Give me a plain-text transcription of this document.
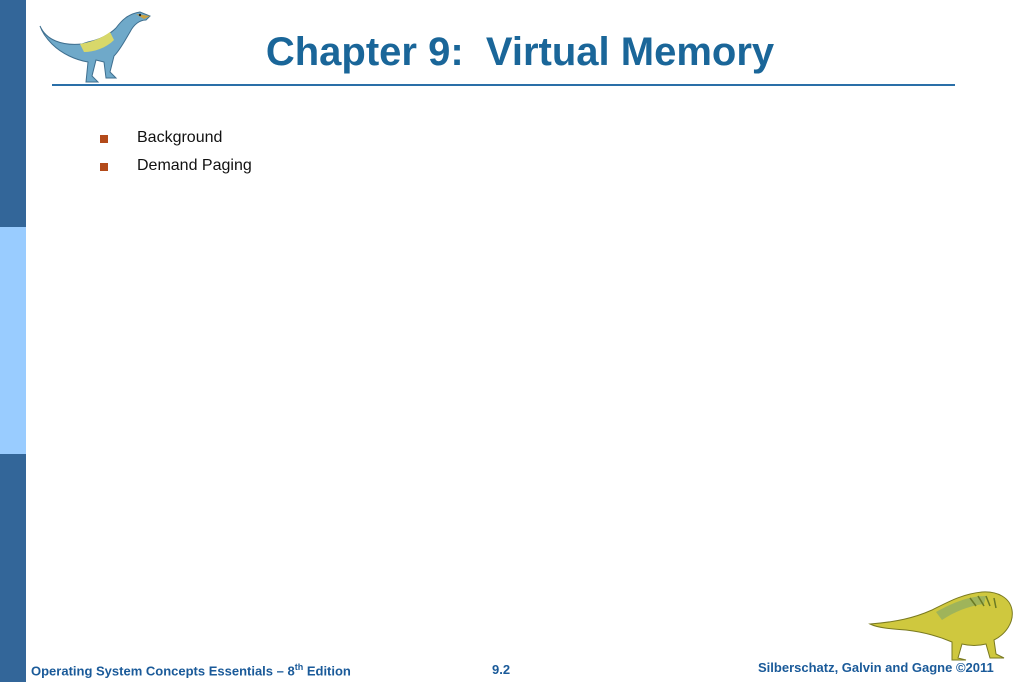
Chapter 9:  Virtual Memory
Background
Demand Paging
Operating System Concepts Essentials – 8th Edition	9.2	Silberschatz, Galvin and Gagne ©2011
